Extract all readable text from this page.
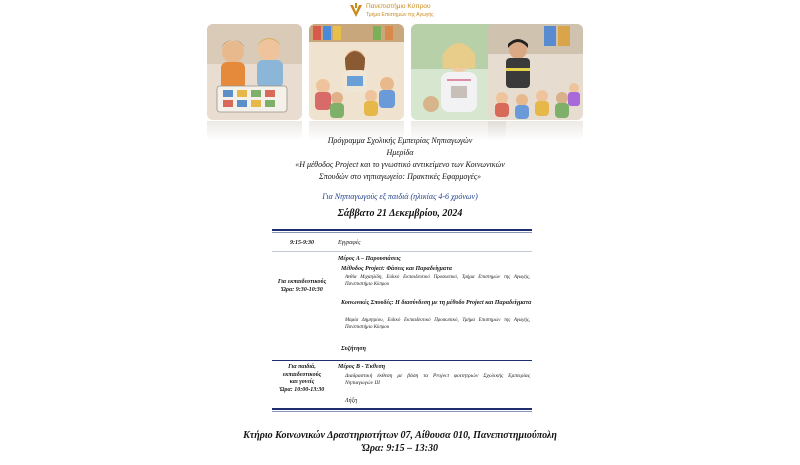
Πανεπιστήμιο Κύπρου
Τμήμα Επιστημών της Αγωγής
Πρόγραμμα Σχολικής Εμπειρίας Νηπιαγωγών
Ημερίδα
«Η μέθοδος Project και το γνωστικό αντικείμενο των Κοινωνικών
Σπουδών στο νηπιαγωγείο: Πρακτικές Εφαρμογές»
Για Νηπιαγωγούς εξ παιδιά (ηλικίας 4-6 χρόνων)
Σάββατο 21 Δεκεμβρίου, 2024
9:15-9:30	Εγγραφές
Για εκπαιδευτικούς
Ώρα: 9:30-10:30
Μέρος Α – Παρουσιάσεις
Μέθοδος Project: Φάσεις και Παραδείγματα
Ανθία Μιχαηλίδη, Ειδικό Εκπαιδευτικό Προσωπικό, Τμήμα Επιστημών της Αγωγής, Πανεπιστήμιο Κύπρου
Κοινωνικές Σπουδές: Η διασύνδεση με τη μέθοδο Project και Παραδείγματα
Μαρία Δημητρίου, Ειδικό Εκπαιδευτικό Προσωπικό, Τμήμα Επιστημών της Αγωγής, Πανεπιστήμιο Κύπρου
Συζήτηση
Για παιδιά,
εκπαιδευτικούς
και γονείς
Ώρα: 10:00-13:30
Μέρος Β - Έκθεση
Διαδραστική έκθεση με βάση τα Project φοιτητριών Σχολικής Εμπειρίας Νηπιαγωγών III
Λήξη
Κτήριο Κοινωνικών Δραστηριοτήτων 07, Αίθουσα 010, Πανεπιστημιούπολη
Ώρα: 9:15 – 13:30
